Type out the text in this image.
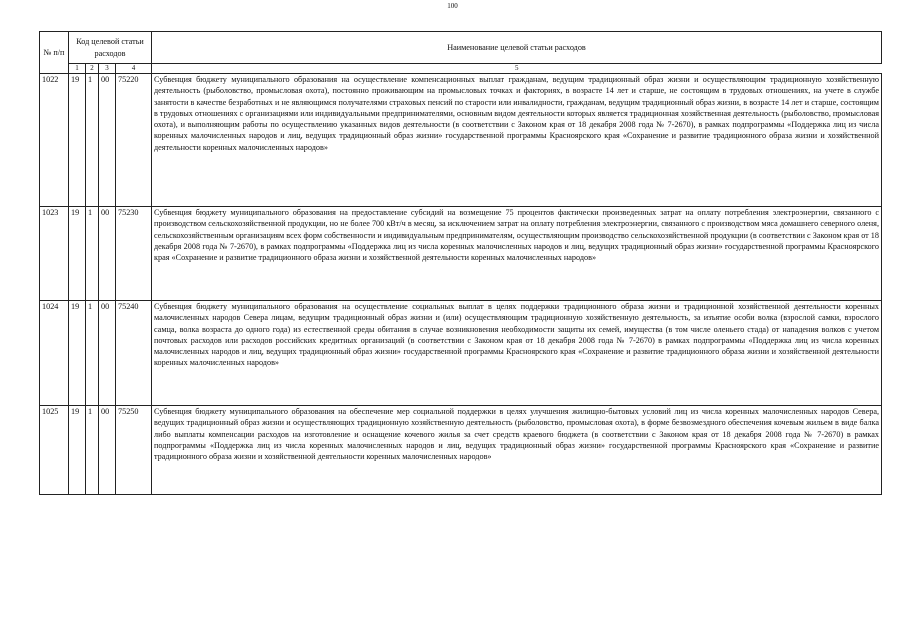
100
№ п/п	Код целевой статьи расходов				Наименование целевой статьи расходов
	1	2	3	4	5
1022	19	1	00	75220	Субвенция бюджету муниципального образования на осуществление компенсационных выплат гражданам, ведущим традиционный образ жизни и осуществляющим традиционную хозяйственную деятельность (рыболовство, промысловая охота), постоянно проживающим на промысловых точках и факториях, в возрасте 14 лет и старше, не состоящим в трудовых отношениях, на учете в службе занятости в качестве безработных и не являющимся получателями страховых пенсий по старости или инвалидности, гражданам, ведущим традиционный образ жизни, в возрасте 14 лет и старше, состоящим в трудовых отношениях с организациями или индивидуальными предпринимателями, основным видом деятельности которых является традиционная хозяйственная деятельность (рыболовство, промысловая охота), и выполняющим работы по осуществлению указанных видов деятельности (в соответствии с Законом края от 18 декабря 2008 года № 7-2670), в рамках подпрограммы «Поддержка лиц из числа коренных малочисленных народов и лиц, ведущих традиционный образ жизни» государственной программы Красноярского края «Сохранение и развитие традиционного образа жизни и хозяйственной деятельности коренных малочисленных народов»
1023	19	1	00	75230	Субвенция бюджету муниципального образования на предоставление субсидий на возмещение 75 процентов фактически произведенных затрат на оплату потребления электроэнергии, связанного с производством сельскохозяйственной продукции, но не более 700 кВт/ч в месяц, за исключением затрат на оплату потребления электроэнергии, связанного с производством мяса домашнего северного оленя, сельскохозяйственным организациям всех форм собственности и индивидуальным предпринимателям, осуществляющим производство сельскохозяйственной продукции (в соответствии с Законом края от 18 декабря 2008 года № 7-2670), в рамках подпрограммы «Поддержка лиц из числа коренных малочисленных народов и лиц, ведущих традиционный образ жизни» государственной программы Красноярского края «Сохранение и развитие традиционного образа жизни и хозяйственной деятельности коренных малочисленных народов»
1024	19	1	00	75240	Субвенция бюджету муниципального образования на осуществление социальных выплат в целях поддержки традиционного образа жизни и традиционной хозяйственной деятельности коренных малочисленных народов Севера лицам, ведущим традиционный образ жизни и (или) осуществляющим традиционную хозяйственную деятельность, за изъятие особи волка (взрослой самки, взрослого самца, волка возраста до одного года) из естественной среды обитания в случае возникновения необходимости защиты их семей, имущества (в том числе оленьего стада) от нападения волков с учетом почтовых расходов или расходов российских кредитных организаций (в соответствии с Законом края от 18 декабря 2008 года № 7-2670) в рамках подпрограммы «Поддержка лиц из числа коренных малочисленных народов и лиц, ведущих традиционный образ жизни» государственной программы Красноярского края «Сохранение и развитие традиционного образа жизни и хозяйственной деятельности коренных малочисленных народов»
1025	19	1	00	75250	Субвенция бюджету муниципального образования на обеспечение мер социальной поддержки в целях улучшения жилищно-бытовых условий лиц из числа коренных малочисленных народов Севера, ведущих традиционный образ жизни и осуществляющих традиционную хозяйственную деятельность (рыболовство, промысловая охота), в форме безвозмездного обеспечения кочевым жильем в виде балка либо выплаты компенсации расходов на изготовление и оснащение кочевого жилья за счет средств краевого бюджета (в соответствии с Законом края от 18 декабря 2008 года № 7-2670) в рамках подпрограммы «Поддержка лиц из числа коренных малочисленных народов и лиц, ведущих традиционный образ жизни» государственной программы Красноярского края «Сохранение и развитие традиционного образа жизни и хозяйственной деятельности коренных малочисленных народов»
